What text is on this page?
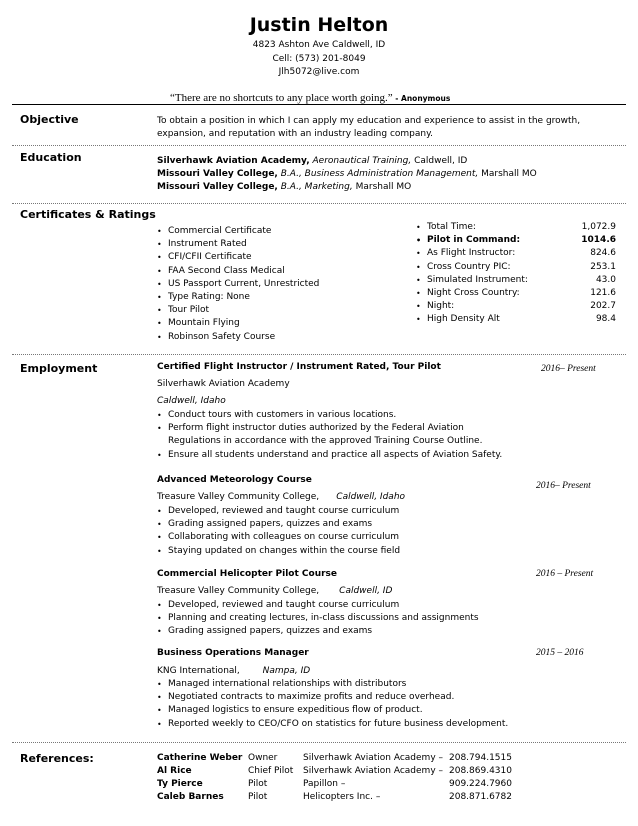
Justin Helton
4823 Ashton Ave Caldwell, ID
Cell: (573) 201-8049
Jlh5072@live.com
“There are no shortcuts to any place worth going.” - Anonymous
Objective	To obtain a position in which I can apply my education and experience to assist in the growth, expansion, and reputation with an industry leading company.
Education	Silverhawk Aviation Academy, Aeronautical Training, Caldwell, ID
Missouri Valley College, B.A., Business Administration Management, Marshall MO
Missouri Valley College, B.A., Marketing, Marshall MO
Certificates & Ratings
• Commercial Certificate
• Instrument Rated
• CFI/CFII Certificate
• FAA Second Class Medical
• US Passport Current, Unrestricted
• Type Rating: None
• Tour Pilot
• Mountain Flying
• Robinson Safety Course
• Total Time:	1,072.9
• Pilot in Command:	1014.6
• As Flight Instructor:	824.6
• Cross Country PIC:	253.1
• Simulated Instrument:	43.0
• Night Cross Country:	121.6
• Night:	202.7
• High Density Alt	98.4
Employment	Certified Flight Instructor / Instrument Rated, Tour Pilot	2016– Present
Silverhawk Aviation Academy
Caldwell, Idaho
• Conduct tours with customers in various locations.
• Perform flight instructor duties authorized by the Federal Aviation Regulations in accordance with the approved Training Course Outline.
• Ensure all students understand and practice all aspects of Aviation Safety.
Advanced Meteorology Course
2016– Present
Treasure Valley Community College, Caldwell, Idaho
• Developed, reviewed and taught course curriculum
• Grading assigned papers, quizzes and exams
• Collaborating with colleagues on course curriculum
• Staying updated on changes within the course field
Commercial Helicopter Pilot Course	2016 – Present
Treasure Valley Community College, Caldwell, ID
• Developed, reviewed and taught course curriculum
• Planning and creating lectures, in-class discussions and assignments
• Grading assigned papers, quizzes and exams
Business Operations Manager	2015 – 2016
KNG International,	Nampa, ID
• Managed international relationships with distributors
• Negotiated contracts to maximize profits and reduce overhead.
• Managed logistics to ensure expeditious flow of product.
• Reported weekly to CEO/CFO on statistics for future business development.
References:	Catherine Weber	Owner	Silverhawk Aviation Academy –	208.794.1515
Al Rice	Chief Pilot	Silverhawk Aviation Academy –	208.869.4310
Ty Pierce	Pilot	Papillon –	909.224.7960
Caleb Barnes	Pilot	Helicopters Inc. –	208.871.6782
